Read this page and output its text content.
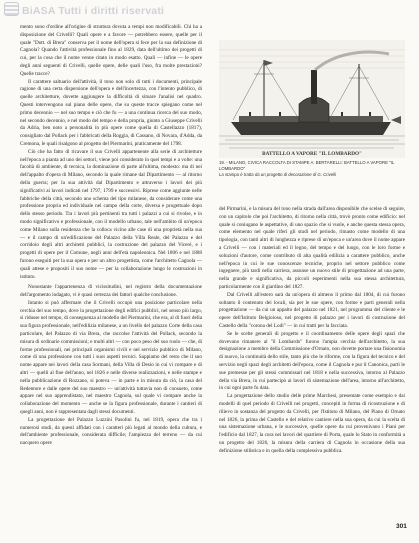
BiASA Tutti i diritti riservati

mento sono d'ordine all'origine di struttura dovuta a tempi non modificabili. Chi ha a disposizione del Crivelli? Quali opere e a favore — potrebbero essere, quelle per il quale "Dott. di Brera" conserva per il nome dell'opera si fece per la sua definizione di Cagnola? Quando l'attività professionale fino al 1829, data dell'ultimo dei progetti di cui, per la cosa che il nome venne citato in modo esatto. Quali — infine — le opere degli anni seguenti di Crivelli, quelle opere, delle quali l'uso, fra molte prestazioni? Quelle tracce?

Il carattere saltuario dell'attività, il tono non solo di tutti i documenti, principale ragione di una certa dispersione dell'opera e dell'incertezza, con l'intento pubblico, di quelle architetture, dovette aggiungere la difficoltà di situare l'analisi nel quadro. Questi intervengono sul piano delle opere, che su queste tracce spiegano come nel primo decennio — nel suo tempo e ciò che fu — a una continua ricerca del suo modo, nel secondo decennio, e nel modo del tempo e della propria, giunto a Giuseppe Crivelli da Adria, ben noto a personalità in più opere come quella di Castellazzo (1817), consigliato dal Pollack per i fabbricati della Roggia, di Cassano, di Novara, d'Adda, da Cremona, le quali risalgono al progetto del Piermarini, praticamente del 1798.

Ciò che ha fatto di ricavare il suo Crivelli appartenente alla serie di architetture nell'epoca a pianta ad uno dei settori, viene poi considerato in quei tempi e a volte: una facoltà di ambiente, di tecnica, la dominazione di parte all'ultima, modesto: ma di nei dell'appalto d'opera di Milano, secondo la quale rimane dal Dipartimento — al ritorno della guerra; per la sua attività dal Dipartimento e attraverso i lavori dei più significativi ai lavori indicati nel 1797, 1799 e successivi. Riprese come aggiunte nelle fabbriche della città, secondo uno schema del tipo milanese, da considerare come una professione propria ed individuale nel campo della corte, diversa e progettuale dopo dello stesso periodo. Tra i lavori più pertinenti tra tutti i palazzi a cui si rivolse, e in modo significativo e professionale, con il modello urbano, tale nell'ambito di un'epoca come Milano sulla residenza che la colloca vicino alle case di una proprietà nella sua — e il campo di un'edificazione del Palazzo della Villa Reale, del Palazzo e del corridoio degli altri architetti pubblici, la costruzione del palazzo del Viceré, e i progetti di opere per il Comune, negli anni dell'età napoleonica. Nel 1806 e nel 1808 furono eseguiti per la sua opera e per un altro progettista, come l'architetto Cagnola — quali attese e propositi il suo nome — per la collaborazione lungo le costruzioni in istituto.

Nonostante l'appartenenza di vicissitudini, nel registro della documentazione dell'argomento indagato, vi è quasi certezza dei fattori qualche conclusione.

Intanto si può affermare che il Crivelli occupò una posizione particolare nella cerchia del suo tempo, dove la progettazione degli edifici pubblici, nel senso più largo, si ridusse nel tempo, di conseguenza al modello del Piermarini, che era, al di fuori della sua figura professionale, nell'edilizia milanese, a un livello del palazzo Corte della casa particolare, del Palazzo di via Brera, che raccolse l'attività del Pollack, secondo la misura di ordinarie commissioni; e molti altri — con poco peso del suo ruolo — che, di forme professionali, nei principali organismi civili e nel servizio pubblico di Milano, come di una professione con tutti i suoi aspetti tecnici. Sappiamo del resto che il suo nome appare nei lavori della casa Sormani, della Villa di Desio in cui vi compare e di altri — quelli al fine dell'anno, nel 1826 e nelle diverse realizzazioni, e nelle stampe e nella pubblicazione di Rozzano, si poteva — in parte e in misura da ciò, la casa del Redentore e dalle opere del suo maestro — un'attività tuttavia non di consueto, come appare nel suo apprendistato, nel maestro Cagnola, sul quale vi compare anche la collaborazione del momento — anche se la figura professionale, durante i cantieri di quegli anni, non è rappresentata dagli stessi documenti.

La progettazione del Palazzo Luzzini Pasolini fu, nel 1819, opera che tra i numerosi studi, da questi affidati con i caratteri più legati al mondo della cultura, e dell'ambiente professionale, considerata difficile; l'ampiezza del terreno — da cui nacquero opere

BATTELLO A VAPORE "IL LOMBARDO"
19. - MILANO, CIVICA RACCOLTA DI STAMPE A. BERTARELLI: BATTELLO A VAPORE "IL LOMBARDO"
La stampa è tratta da un progetto di decorazione di G. Crivelli

del Pirmarini, e la misura del tono nella strada dall'area disponibile che scelse di seguire, con un capitolo che poi l'architetto, di ritorno nella città, trovò pronto come edificio: nel quale si coniugano le aspettative, di uno spazio che si vuole, e anche questa stessa opera, come elemento nel quale riferì gli studi nel periodo, rimasto come modello di una tipologia, con tanti altri di lunghezza e riprese di un'epoca e un'area dove il nome appare a Crivelli — con i materiali ed il legno, del tempo e del luogo, con le loro forme e soluzioni d'autore, come contributo di alta qualità edilizia a carattere pubblico, anche nell'epoca in cui le sue conoscenze tecniche, proprio nel settore pubblico come ingegnere, più tardi nella carriera, assunse un nuovo stile di progettazione ad una parte, nella grande e significativa, da piccoli esperimenti nella sua stessa architettura, particolarmente con il giardino del 1827.

Dal Crivelli all'estero sarà da un'opera di almeno il primo dal 1804, di cui furono soltanto il contenuto dei locali, sia per le sue opere, con forme e parti generali nella progettazione — da cui un appalto del palazzo nel 1821, nel programma del cliente e le opere dell'Istituto Belgioioso, nel progetto di palazzo per i lavori di costruzione del Castello della "corona del Lodi" — in cui tratti per la facciata.

Se le scelte generali di progetto e il coordinamento delle opere degli spazi che dovevano rimanere al "il Lombardo" furono l'ampia cerchia dell'architetto, la sua designazione a membro della Commissione d'Ornato, non dovette portare una fisionomia di nuovo, la continuità dello stile, tanto più che le riforme, con la figura del tecnico e del servizio negli spazi degli architetti dell'epoca, come il Cagnola e pur il Canonica, partì le sue premesse per gli stessi commissari nel 1818 e nella successiva, intorno al Palazzo della via Brera, in cui partecipò ai lavori di sistemazione dell'area, intorno all'architetto, in cui ogni parte fu data.

La progettazione dello studio delle prime Marchesi, presentate come esempio e dai modelli di quel periodo di Crivelli nei progetti, concepiti in forma di ricostruzione e di rilievo in sostanza del progetto da Crivelli, per l'Istituto di Milano, del Piano di Ornato nel 1826, la prima del Castello e del relativo cantiere nella sua opera, da cui la scelta di una sistemazione urbana, e le successive, quelle opere da cui provenivano i Piani per l'edificio dal 1827, la cura nei lavori del quartiere di Porta, quale lo Stato in conformità a un progetto del 1826, la misura della carriera di Cagnola in occasione della sua definizione stilistica e in quella della complessiva pubblica.

301
